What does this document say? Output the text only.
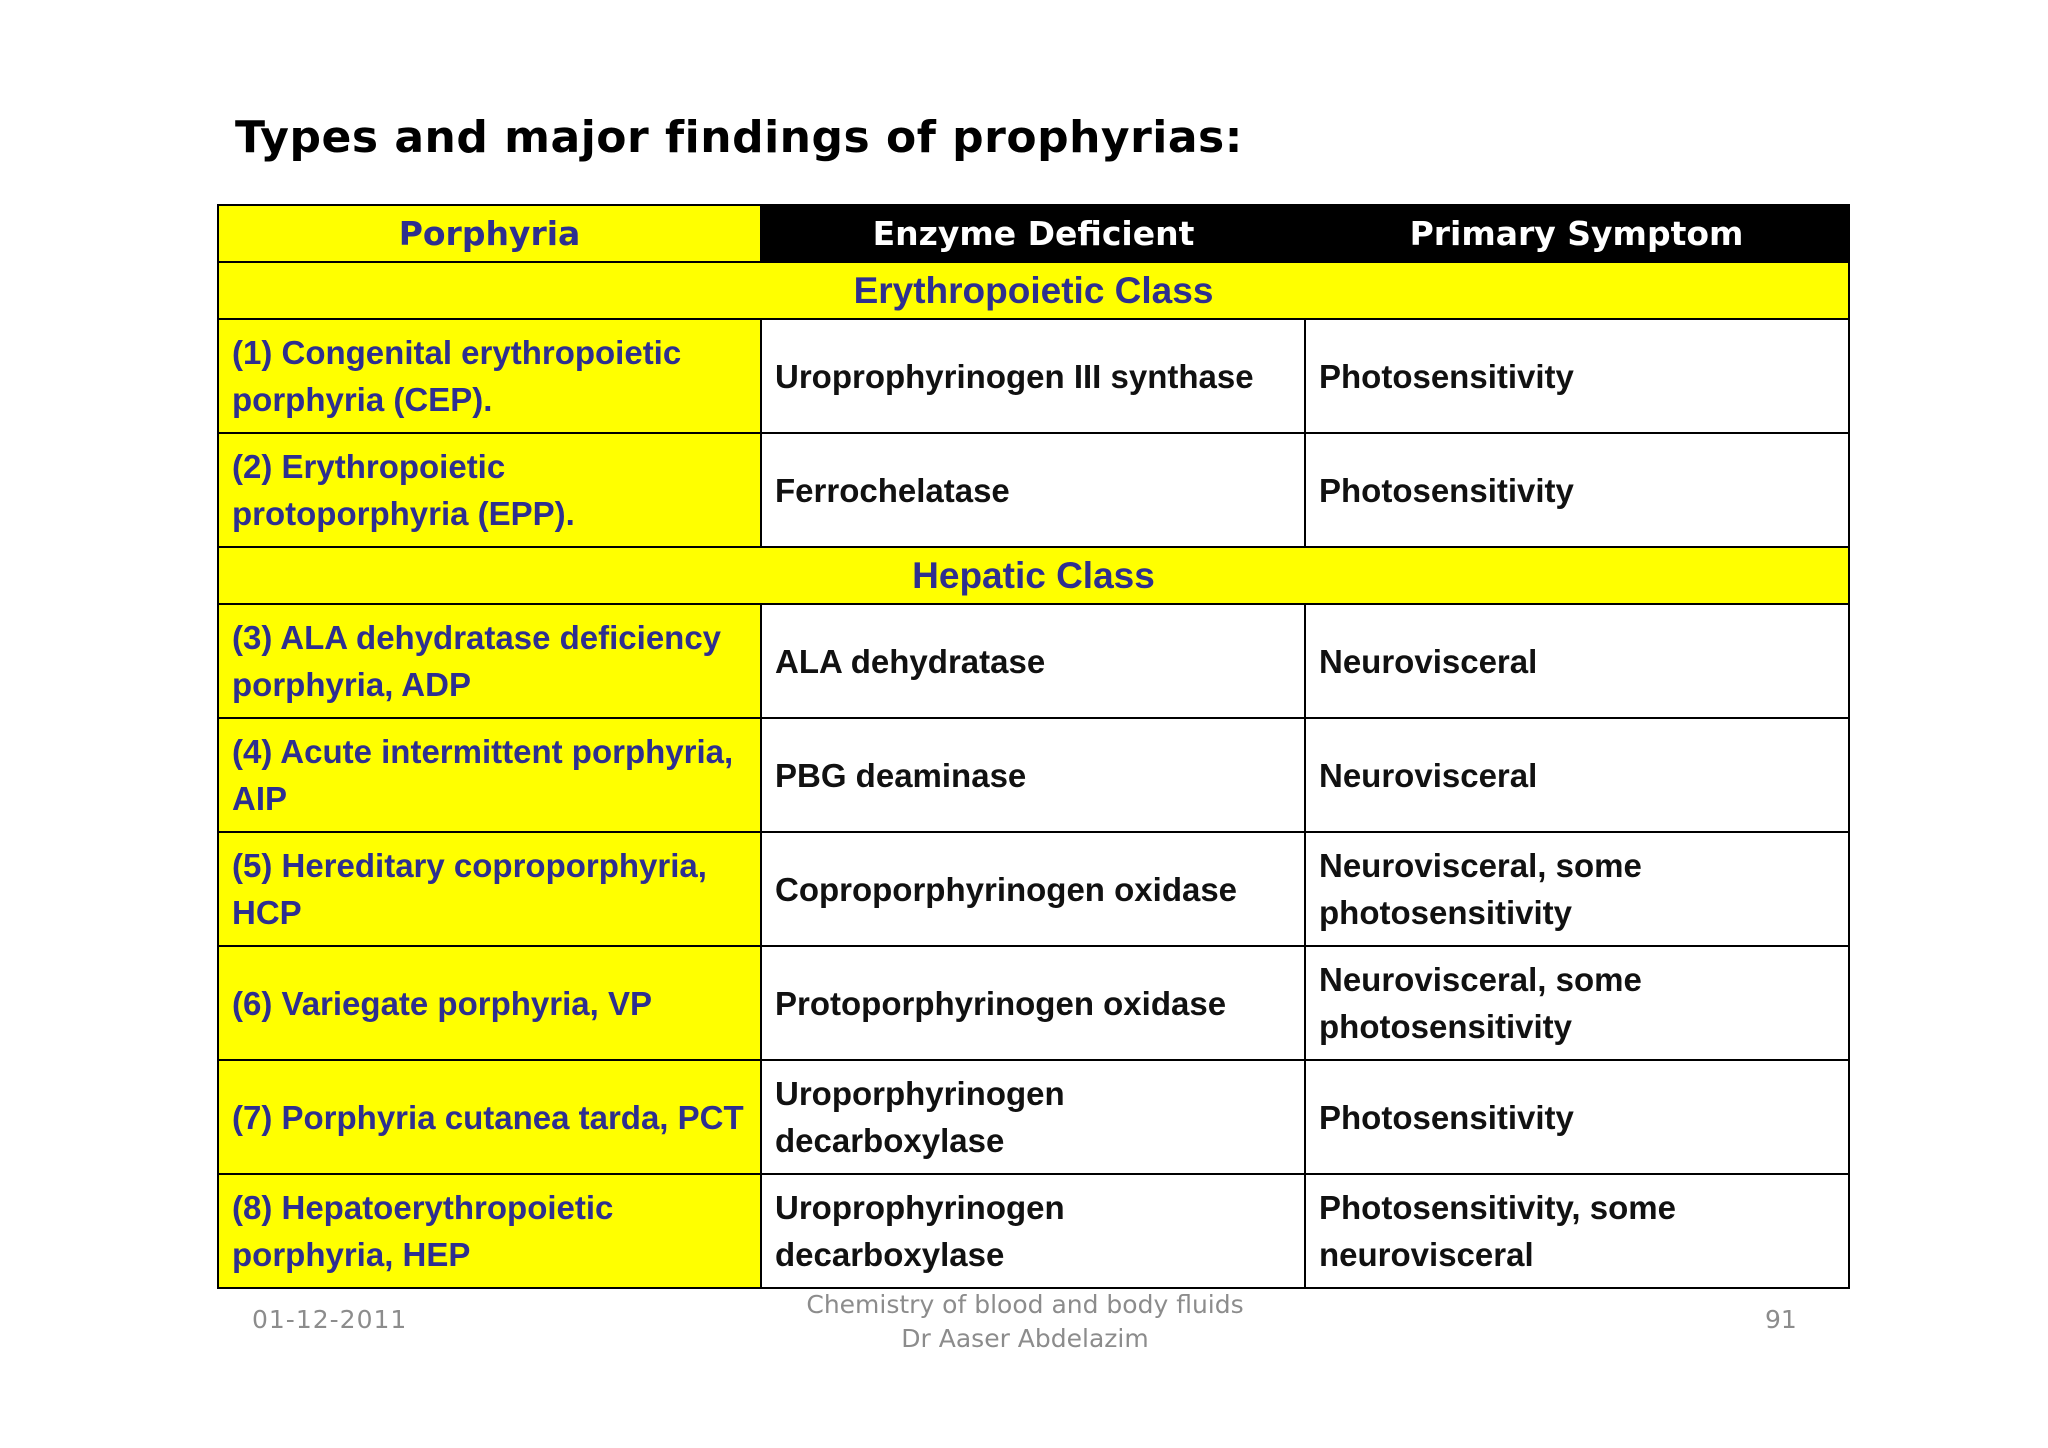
Types and major findings of prophyrias:
Porphyria	Enzyme Deficient	Primary Symptom
Erythropoietic Class		
(1) Congenital erythropoietic porphyria (CEP).	Uroprophyrinogen III synthase	Photosensitivity
(2) Erythropoietic protoporphyria (EPP).	Ferrochelatase	Photosensitivity
Hepatic Class		
(3) ALA dehydratase deficiency porphyria, ADP	ALA dehydratase	Neurovisceral
(4) Acute intermittent porphyria, AIP	PBG deaminase	Neurovisceral
(5) Hereditary coproporphyria, HCP	Coproporphyrinogen oxidase	Neurovisceral, some photosensitivity
(6) Variegate porphyria, VP	Protoporphyrinogen oxidase	Neurovisceral, some photosensitivity
(7) Porphyria cutanea tarda, PCT	Uroporphyrinogen decarboxylase	Photosensitivity
(8) Hepatoerythropoietic porphyria, HEP	Uroprophyrinogen decarboxylase	Photosensitivity, some neurovisceral
01-12-2011
Chemistry of blood and body fluids
Dr Aaser Abdelazim
91
